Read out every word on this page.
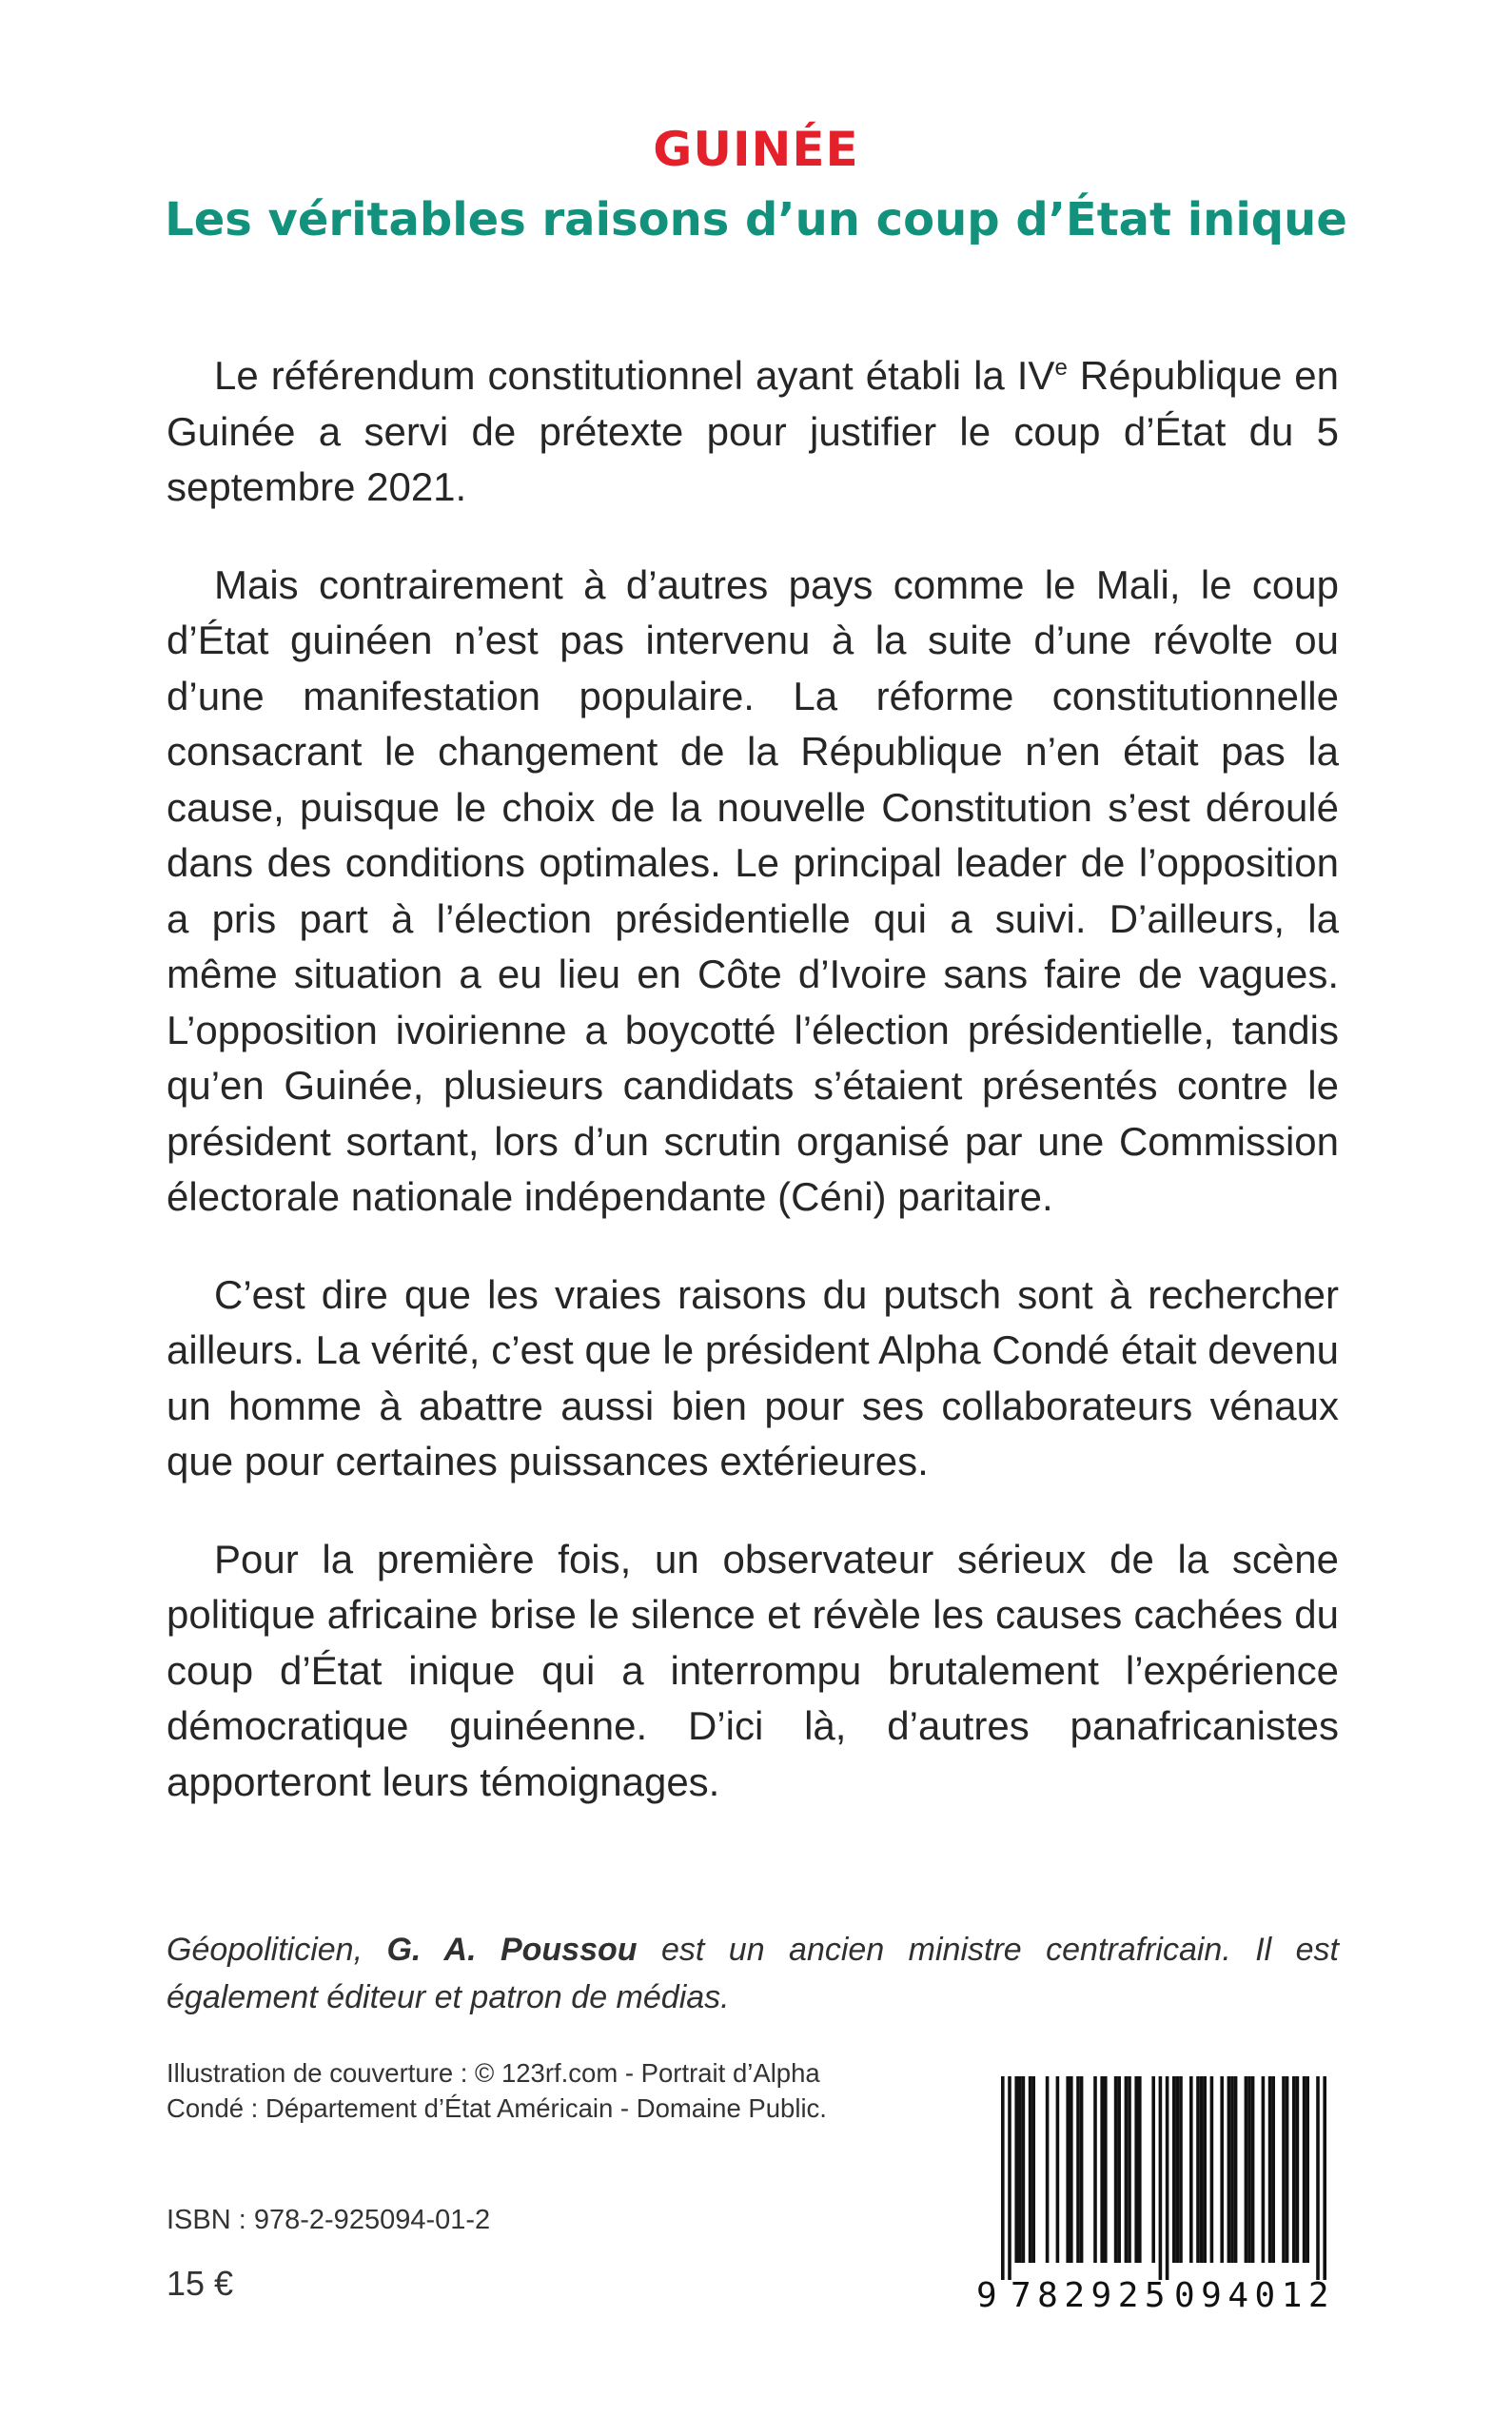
GUINÉE
Les véritables raisons d’un coup d’État inique

Le référendum constitutionnel ayant établi la IVe République en Guinée a servi de prétexte pour justifier le coup d’État du 5 septembre 2021.

Mais contrairement à d’autres pays comme le Mali, le coup d’État guinéen n’est pas intervenu à la suite d’une révolte ou d’une manifestation populaire. La réforme constitutionnelle consacrant le changement de la République n’en était pas la cause, puisque le choix de la nouvelle Constitution s’est déroulé dans des conditions optimales. Le principal leader de l’opposition a pris part à l’élection présidentielle qui a suivi. D’ailleurs, la même situation a eu lieu en Côte d’Ivoire sans faire de vagues. L’opposition ivoirienne a boycotté l’élection présidentielle, tandis qu’en Guinée, plusieurs candidats s’étaient présentés contre le président sortant, lors d’un scrutin organisé par une Commission électorale nationale indépendante (Céni) paritaire.

C’est dire que les vraies raisons du putsch sont à rechercher ailleurs. La vérité, c’est que le président Alpha Condé était devenu un homme à abattre aussi bien pour ses collaborateurs vénaux que pour certaines puissances extérieures.

Pour la première fois, un observateur sérieux de la scène politique africaine brise le silence et révèle les causes cachées du coup d’État inique qui a interrompu brutalement l’expérience démocratique guinéenne. D’ici là, d’autres panafricanistes apporteront leurs témoignages.

Géopoliticien, G. A. Poussou est un ancien ministre centrafricain. Il est également éditeur et patron de médias.

Illustration de couverture : © 123rf.com - Portrait d’Alpha
Condé : Département d’État Américain - Domaine Public.

ISBN : 978-2-925094-01-2

15 €	9 782925 094012
